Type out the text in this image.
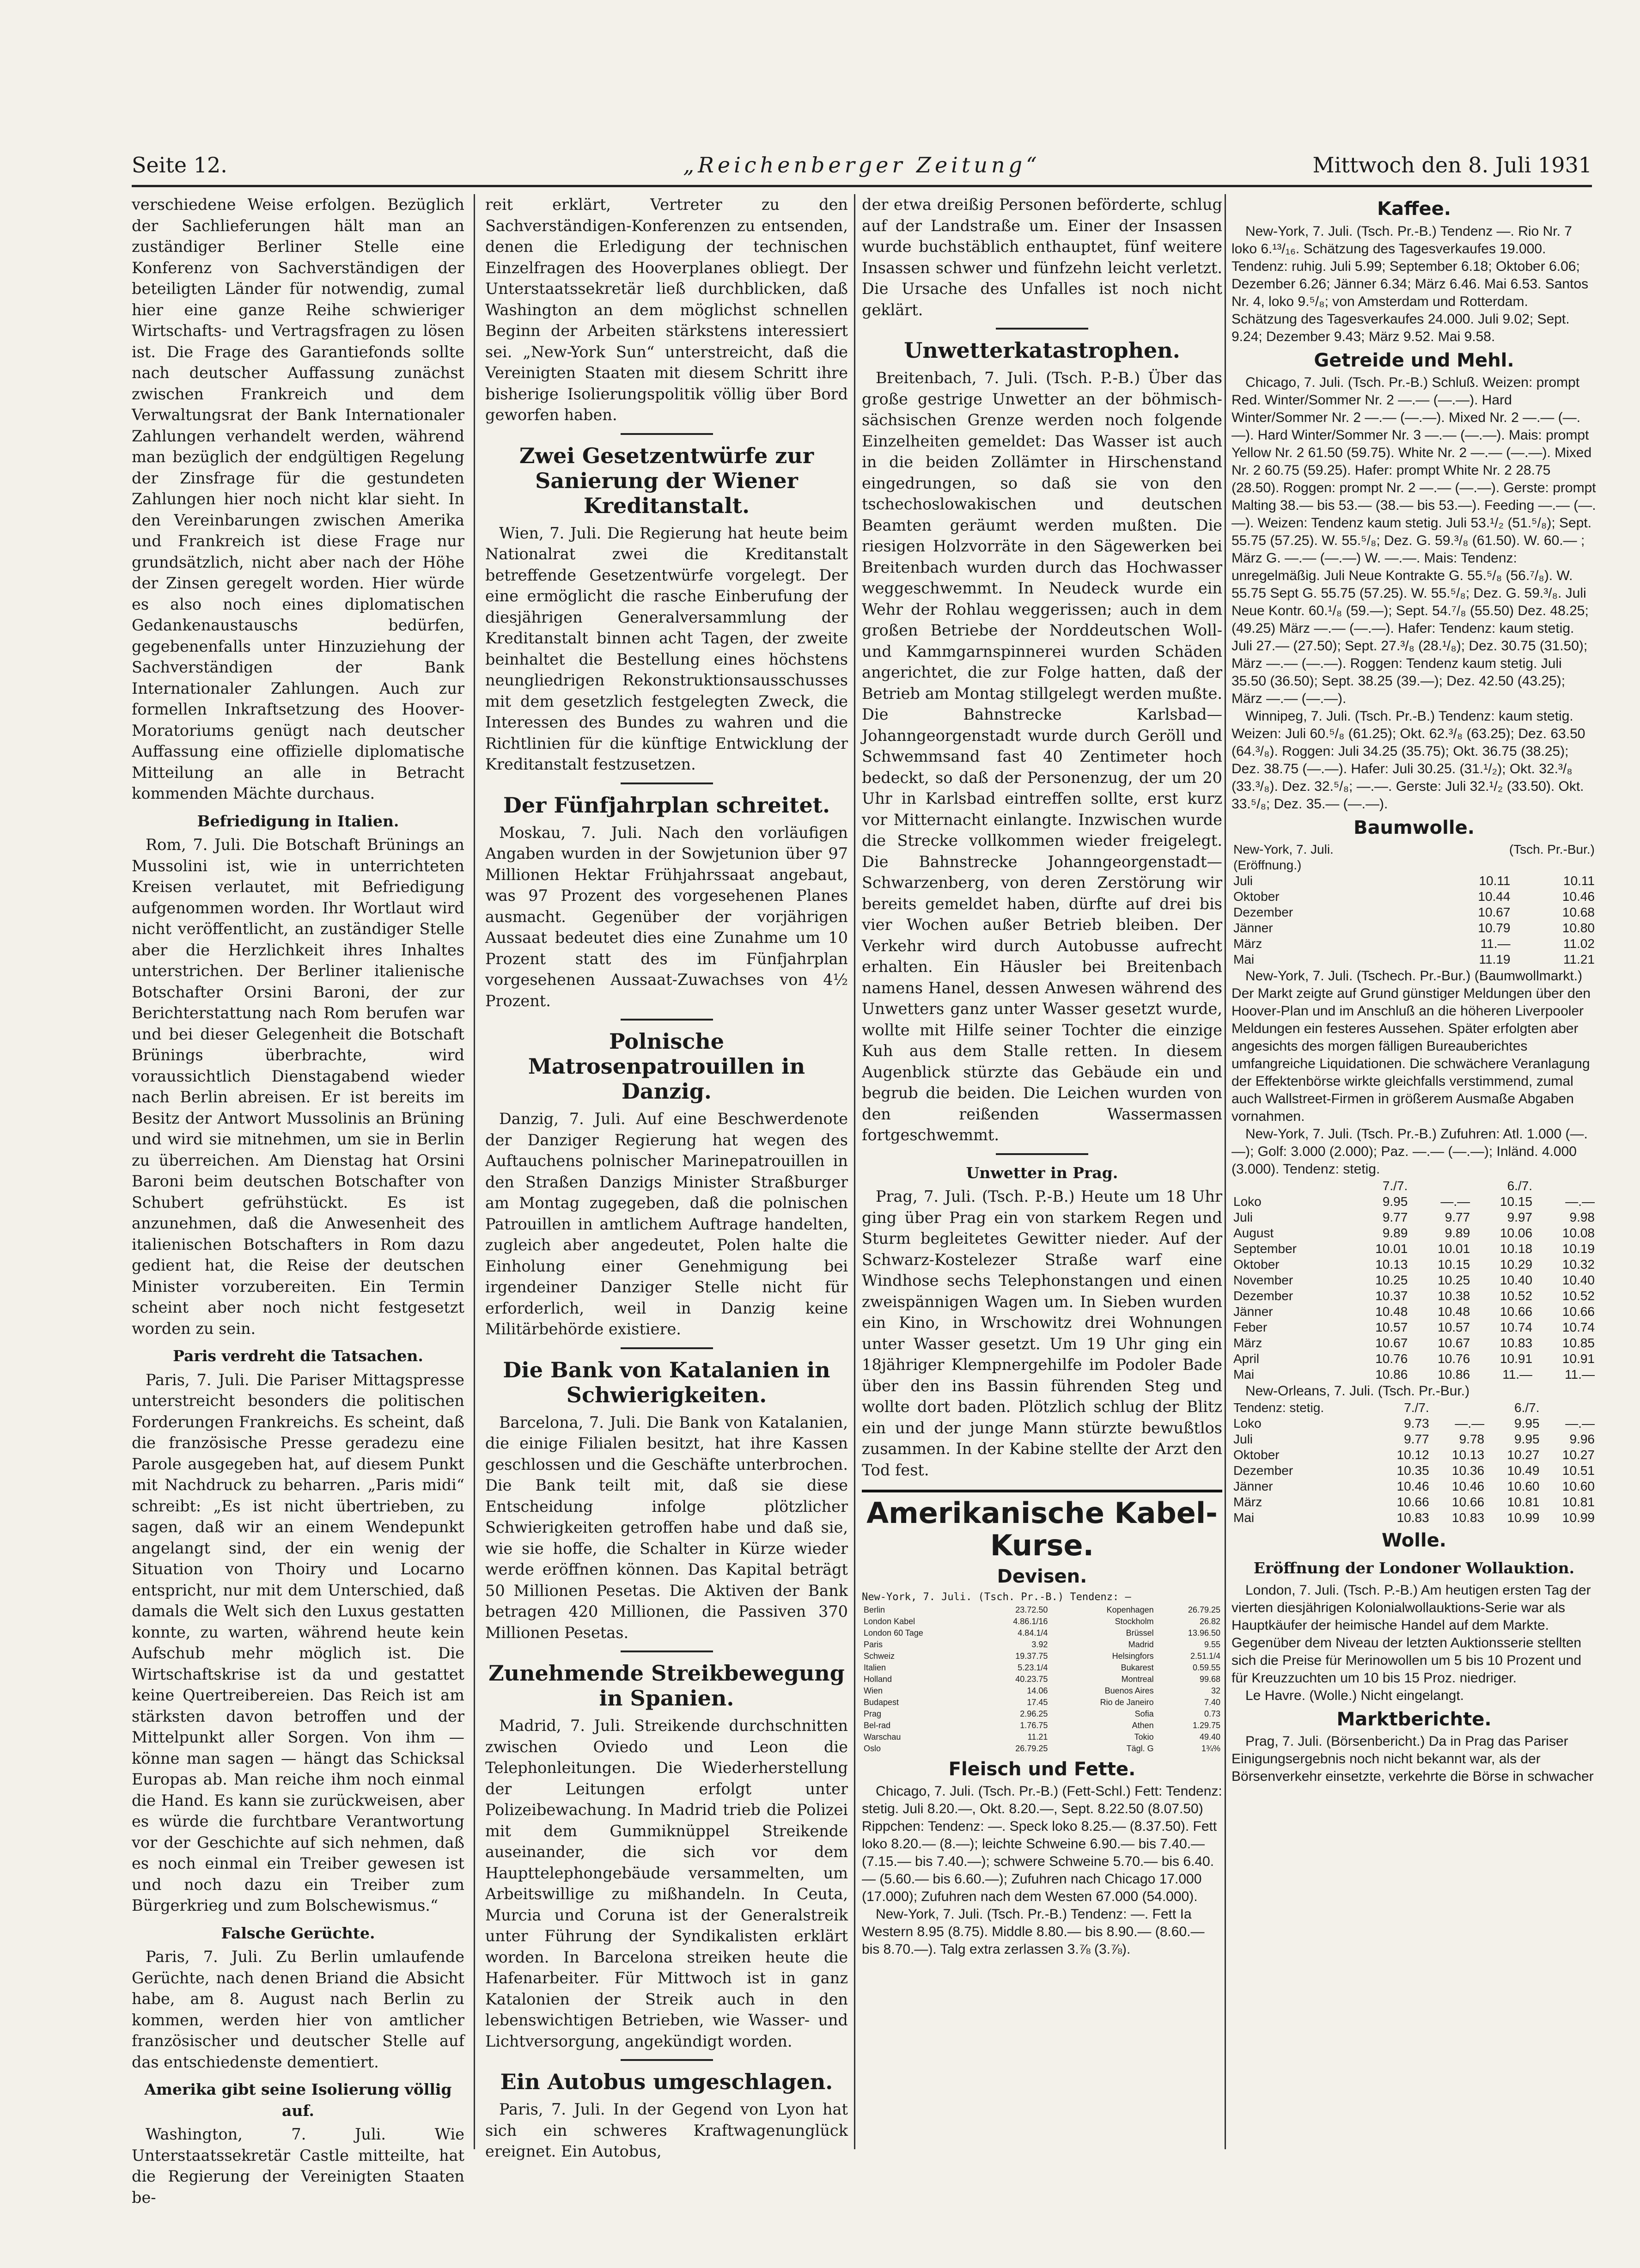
Seite 12.	„Reichenberger Zeitung“	Mittwoch den 8. Juli 1931

verschiedene Weise erfolgen. Bezüglich der Sachlieferungen hält man an zuständiger Berliner Stelle eine Konferenz von Sachverständigen der beteiligten Länder für notwendig, zumal hier eine ganze Reihe schwieriger Wirtschafts- und Vertragsfragen zu lösen ist. Die Frage des Garantiefonds sollte nach deutscher Auffassung zunächst zwischen Frankreich und dem Verwaltungsrat der Bank Internationaler Zahlungen verhandelt werden, während man bezüglich der endgültigen Regelung der Zinsfrage für die gestundeten Zahlungen hier noch nicht klar sieht. In den Vereinbarungen zwischen Amerika und Frankreich ist diese Frage nur grundsätzlich, nicht aber nach der Höhe der Zinsen geregelt worden. Hier würde es also noch eines diplomatischen Gedankenaustauschs bedürfen, gegebenenfalls unter Hinzuziehung der Sachverständigen der Bank Internationaler Zahlungen. Auch zur formellen Inkraftsetzung des Hoover-Moratoriums genügt nach deutscher Auffassung eine offizielle diplomatische Mitteilung an alle in Betracht kommenden Mächte durchaus.

Befriedigung in Italien.

Rom, 7. Juli. Die Botschaft Brünings an Mussolini ist, wie in unterrichteten Kreisen verlautet, mit Befriedigung aufgenommen worden. Ihr Wortlaut wird nicht veröffentlicht, an zuständiger Stelle aber die Herzlichkeit ihres Inhaltes unterstrichen. Der Berliner italienische Botschafter Orsini Baroni, der zur Berichterstattung nach Rom berufen war und bei dieser Gelegenheit die Botschaft Brünings überbrachte, wird voraussichtlich Dienstagabend wieder nach Berlin abreisen. Er ist bereits im Besitz der Antwort Mussolinis an Brüning und wird sie mitnehmen, um sie in Berlin zu überreichen. Am Dienstag hat Orsini Baroni beim deutschen Botschafter von Schubert gefrühstückt. Es ist anzunehmen, daß die Anwesenheit des italienischen Botschafters in Rom dazu gedient hat, die Reise der deutschen Minister vorzubereiten. Ein Termin scheint aber noch nicht festgesetzt worden zu sein.

Paris verdreht die Tatsachen.

Paris, 7. Juli. Die Pariser Mittagspresse unterstreicht besonders die politischen Forderungen Frankreichs. Es scheint, daß die französische Presse geradezu eine Parole ausgegeben hat, auf diesem Punkt mit Nachdruck zu beharren. „Paris midi“ schreibt: „Es ist nicht übertrieben, zu sagen, daß wir an einem Wendepunkt angelangt sind, der ein wenig der Situation von Thoiry und Locarno entspricht, nur mit dem Unterschied, daß damals die Welt sich den Luxus gestatten konnte, zu warten, während heute kein Aufschub mehr möglich ist. Die Wirtschaftskrise ist da und gestattet keine Quertreibereien. Das Reich ist am stärksten davon betroffen und der Mittelpunkt aller Sorgen. Von ihm — könne man sagen — hängt das Schicksal Europas ab. Man reiche ihm noch einmal die Hand. Es kann sie zurückweisen, aber es würde die furchtbare Verantwortung vor der Geschichte auf sich nehmen, daß es noch einmal ein Treiber gewesen ist und noch dazu ein Treiber zum Bürgerkrieg und zum Bolschewismus.“

Falsche Gerüchte.

Paris, 7. Juli. Zu Berlin umlaufende Gerüchte, nach denen Briand die Absicht habe, am 8. August nach Berlin zu kommen, werden hier von amtlicher französischer und deutscher Stelle auf das entschiedenste dementiert.

Amerika gibt seine Isolierung völlig auf.

Washington, 7. Juli. Wie Unterstaatssekretär Castle mitteilte, hat die Regierung der Vereinigten Staaten be-

reit erklärt, Vertreter zu den Sachverständigen-Konferenzen zu entsenden, denen die Erledigung der technischen Einzelfragen des Hooverplanes obliegt. Der Unterstaatssekretär ließ durchblicken, daß Washington an dem möglichst schnellen Beginn der Arbeiten stärkstens interessiert sei. „New-York Sun“ unterstreicht, daß die Vereinigten Staaten mit diesem Schritt ihre bisherige Isolierungspolitik völlig über Bord geworfen haben.

Zwei Gesetzentwürfe zur Sanierung der Wiener Kreditanstalt.

Wien, 7. Juli. Die Regierung hat heute beim Nationalrat zwei die Kreditanstalt betreffende Gesetzentwürfe vorgelegt. Der eine ermöglicht die rasche Einberufung der diesjährigen Generalversammlung der Kreditanstalt binnen acht Tagen, der zweite beinhaltet die Bestellung eines höchstens neungliedrigen Rekonstruktionsausschusses mit dem gesetzlich festgelegten Zweck, die Interessen des Bundes zu wahren und die Richtlinien für die künftige Entwicklung der Kreditanstalt festzusetzen.

Der Fünfjahrplan schreitet.

Moskau, 7. Juli. Nach den vorläufigen Angaben wurden in der Sowjetunion über 97 Millionen Hektar Frühjahrssaat angebaut, was 97 Prozent des vorgesehenen Planes ausmacht. Gegenüber der vorjährigen Aussaat bedeutet dies eine Zunahme um 10 Prozent statt des im Fünfjahrplan vorgesehenen Aussaat-Zuwachses von 4½ Prozent.

Polnische Matrosenpatrouillen in Danzig.

Danzig, 7. Juli. Auf eine Beschwerdenote der Danziger Regierung hat wegen des Auftauchens polnischer Marinepatrouillen in den Straßen Danzigs Minister Straßburger am Montag zugegeben, daß die polnischen Patrouillen in amtlichem Auftrage handelten, zugleich aber angedeutet, Polen halte die Einholung einer Genehmigung bei irgendeiner Danziger Stelle nicht für erforderlich, weil in Danzig keine Militärbehörde existiere.

Die Bank von Katalanien in Schwierigkeiten.

Barcelona, 7. Juli. Die Bank von Katalanien, die einige Filialen besitzt, hat ihre Kassen geschlossen und die Geschäfte unterbrochen. Die Bank teilt mit, daß sie diese Entscheidung infolge plötzlicher Schwierigkeiten getroffen habe und daß sie, wie sie hoffe, die Schalter in Kürze wieder werde eröffnen können. Das Kapital beträgt 50 Millionen Pesetas. Die Aktiven der Bank betragen 420 Millionen, die Passiven 370 Millionen Pesetas.

Zunehmende Streikbewegung in Spanien.

Madrid, 7. Juli. Streikende durchschnitten zwischen Oviedo und Leon die Telephonleitungen. Die Wiederherstellung der Leitungen erfolgt unter Polizeibewachung. In Madrid trieb die Polizei mit dem Gummiknüppel Streikende auseinander, die sich vor dem Haupttelephongebäude versammelten, um Arbeitswillige zu mißhandeln. In Ceuta, Murcia und Coruna ist der Generalstreik unter Führung der Syndikalisten erklärt worden. In Barcelona streiken heute die Hafenarbeiter. Für Mittwoch ist in ganz Katalonien der Streik auch in den lebenswichtigen Betrieben, wie Wasser- und Lichtversorgung, angekündigt worden.

Ein Autobus umgeschlagen.

Paris, 7. Juli. In der Gegend von Lyon hat sich ein schweres Kraftwagenunglück ereignet. Ein Autobus,

der etwa dreißig Personen beförderte, schlug auf der Landstraße um. Einer der Insassen wurde buchstäblich enthauptet, fünf weitere Insassen schwer und fünfzehn leicht verletzt. Die Ursache des Unfalles ist noch nicht geklärt.

Unwetterkatastrophen.

Breitenbach, 7. Juli. (Tsch. P.-B.) Über das große gestrige Unwetter an der böhmisch-sächsischen Grenze werden noch folgende Einzelheiten gemeldet: Das Wasser ist auch in die beiden Zollämter in Hirschenstand eingedrungen, so daß sie von den tschechoslowakischen und deutschen Beamten geräumt werden mußten. Die riesigen Holzvorräte in den Sägewerken bei Breitenbach wurden durch das Hochwasser weggeschwemmt. In Neudeck wurde ein Wehr der Rohlau weggerissen; auch in dem großen Betriebe der Norddeutschen Woll- und Kammgarnspinnerei wurden Schäden angerichtet, die zur Folge hatten, daß der Betrieb am Montag stillgelegt werden mußte. Die Bahnstrecke Karlsbad—Johanngeorgenstadt wurde durch Geröll und Schwemmsand fast 40 Zentimeter hoch bedeckt, so daß der Personenzug, der um 20 Uhr in Karlsbad eintreffen sollte, erst kurz vor Mitternacht einlangte. Inzwischen wurde die Strecke vollkommen wieder freigelegt. Die Bahnstrecke Johanngeorgenstadt—Schwarzenberg, von deren Zerstörung wir bereits gemeldet haben, dürfte auf drei bis vier Wochen außer Betrieb bleiben. Der Verkehr wird durch Autobusse aufrecht erhalten. Ein Häusler bei Breitenbach namens Hanel, dessen Anwesen während des Unwetters ganz unter Wasser gesetzt wurde, wollte mit Hilfe seiner Tochter die einzige Kuh aus dem Stalle retten. In diesem Augenblick stürzte das Gebäude ein und begrub die beiden. Die Leichen wurden von den reißenden Wassermassen fortgeschwemmt.

Unwetter in Prag.

Prag, 7. Juli. (Tsch. P.-B.) Heute um 18 Uhr ging über Prag ein von starkem Regen und Sturm begleitetes Gewitter nieder. Auf der Schwarz-Kostelezer Straße warf eine Windhose sechs Telephonstangen und einen zweispännigen Wagen um. In Sieben wurden ein Kino, in Wrschowitz drei Wohnungen unter Wasser gesetzt. Um 19 Uhr ging ein 18jähriger Klempnergehilfe im Podoler Bade über den ins Bassin führenden Steg und wollte dort baden. Plötzlich schlug der Blitz ein und der junge Mann stürzte bewußtlos zusammen. In der Kabine stellte der Arzt den Tod fest.

Amerikanische Kabel-Kurse.
Devisen.
New-York, 7. Juli. (Tsch. Pr.-B.) Tendenz: —
Berlin	23.72.50	Kopenhagen	26.79.25
London Kabel	4.86.1/16	Stockholm	26.82
London 60 Tage	4.84.1/4	Brüssel	13.96.50
Paris	3.92	Madrid	9.55
Schweiz	19.37.75	Helsingfors	2.51.1/4
Italien	5.23.1/4	Bukarest	0.59.55
Holland	40.23.75	Montreal	99.68
Wien	14.06	Buenos Aires	32
Budapest	17.45	Rio de Janeiro	7.40
Prag	2.96.25	Sofia	0.73
Bel-rad	1.76.75	Athen	1.29.75
Warschau	11.21	Tokio	49.40
Oslo	26.79.25	Tägl. G	1¾%
Fleisch und Fette.

Chicago, 7. Juli. (Tsch. Pr.-B.) (Fett-Schl.) Fett: Tendenz: stetig. Juli 8.20.—, Okt. 8.20.—, Sept. 8.22.50 (8.07.50) Rippchen: Tendenz: —. Speck loko 8.25.— (8.37.50). Fett loko 8.20.— (8.—); leichte Schweine 6.90.— bis 7.40.— (7.15.— bis 7.40.—); schwere Schweine 5.70.— bis 6.40.— (5.60.— bis 6.60.—); Zufuhren nach Chicago 17.000 (17.000); Zufuhren nach dem Westen 67.000 (54.000).

New-York, 7. Juli. (Tsch. Pr.-B.) Tendenz: —. Fett Ia Western 8.95 (8.75). Middle 8.80.— bis 8.90.— (8.60.— bis 8.70.—). Talg extra zerlassen 3.⅞ (3.⅞).

Kaffee.

New-York, 7. Juli. (Tsch. Pr.-B.) Tendenz —. Rio Nr. 7 loko 6.¹³/₁₆. Schätzung des Tagesverkaufes 19.000. Tendenz: ruhig. Juli 5.99; September 6.18; Oktober 6.06; Dezember 6.26; Jänner 6.34; März 6.46. Mai 6.53. Santos Nr. 4, loko 9.⁵/₈; von Amsterdam und Rotterdam. Schätzung des Tagesverkaufes 24.000. Juli 9.02; Sept. 9.24; Dezember 9.43; März 9.52. Mai 9.58.

Getreide und Mehl.

Chicago, 7. Juli. (Tsch. Pr.-B.) Schluß. Weizen: prompt Red. Winter/Sommer Nr. 2 —.— (—.—). Hard Winter/Sommer Nr. 2 —.— (—.—). Mixed Nr. 2 —.— (—.—). Hard Winter/Sommer Nr. 3 —.— (—.—). Mais: prompt Yellow Nr. 2 61.50 (59.75). White Nr. 2 —.— (—.—). Mixed Nr. 2 60.75 (59.25). Hafer: prompt White Nr. 2 28.75 (28.50). Roggen: prompt Nr. 2 —.— (—.—). Gerste: prompt Malting 38.— bis 53.— (38.— bis 53.—). Feeding —.— (—.—). Weizen: Tendenz kaum stetig. Juli 53.¹/₂ (51.⁵/₈); Sept. 55.75 (57.25). W. 55.⁵/₈; Dez. G. 59.³/₈ (61.50). W. 60.— ; März G. —.— (—.—) W. —.—. Mais: Tendenz: unregelmäßig. Juli Neue Kontrakte G. 55.⁵/₈ (56.⁷/₈). W. 55.75 Sept G. 55.75 (57.25). W. 55.⁵/₈; Dez. G. 59.³/₈. Juli Neue Kontr. 60.¹/₈ (59.—); Sept. 54.⁷/₈ (55.50) Dez. 48.25; (49.25) März —.— (—.—). Hafer: Tendenz: kaum stetig. Juli 27.— (27.50); Sept. 27.³/₈ (28.¹/₈); Dez. 30.75 (31.50); März —.— (—.—). Roggen: Tendenz kaum stetig. Juli 35.50 (36.50); Sept. 38.25 (39.—); Dez. 42.50 (43.25); März —.— (—.—).

Winnipeg, 7. Juli. (Tsch. Pr.-B.) Tendenz: kaum stetig. Weizen: Juli 60.⁵/₈ (61.25); Okt. 62.³/₈ (63.25); Dez. 63.50 (64.³/₈). Roggen: Juli 34.25 (35.75); Okt. 36.75 (38.25); Dez. 38.75 (—.—). Hafer: Juli 30.25. (31.¹/₂); Okt. 32.³/₈ (33.³/₈). Dez. 32.⁵/₈; —.—. Gerste: Juli 32.¹/₂ (33.50). Okt. 33.⁵/₈; Dez. 35.— (—.—).

Baumwolle.
New-York, 7. Juli.	(Tsch. Pr.-Bur.)	
(Eröffnung.)		
Juli	10.11	10.11
Oktober	10.44	10.46
Dezember	10.67	10.68
Jänner	10.79	10.80
März	11.—	11.02
Mai	11.19	11.21

New-York, 7. Juli. (Tschech. Pr.-Bur.) (Baumwollmarkt.) Der Markt zeigte auf Grund günstiger Meldungen über den Hoover-Plan und im Anschluß an die höheren Liverpooler Meldungen ein festeres Aussehen. Später erfolgten aber angesichts des morgen fälligen Bureauberichtes umfangreiche Liquidationen. Die schwächere Veranlagung der Effektenbörse wirkte gleichfalls verstimmend, zumal auch Wallstreet-Firmen in größerem Ausmaße Abgaben vornahmen.

New-York, 7. Juli. (Tsch. Pr.-B.) Zufuhren: Atl. 1.000 (—.—); Golf: 3.000 (2.000); Paz. —.— (—.—); Inländ. 4.000 (3.000). Tendenz: stetig.

	7./7.		6./7.	
Loko	9.95	—.—	10.15	—.—
Juli	9.77	9.77	9.97	9.98
August	9.89	9.89	10.06	10.08
September	10.01	10.01	10.18	10.19
Oktober	10.13	10.15	10.29	10.32
November	10.25	10.25	10.40	10.40
Dezember	10.37	10.38	10.52	10.52
Jänner	10.48	10.48	10.66	10.66
Feber	10.57	10.57	10.74	10.74
März	10.67	10.67	10.83	10.85
April	10.76	10.76	10.91	10.91
Mai	10.86	10.86	11.—	11.—

New-Orleans, 7. Juli. (Tsch. Pr.-Bur.)

Tendenz: stetig.	7./7.		6./7.	
Loko	9.73	—.—	9.95	—.—
Juli	9.77	9.78	9.95	9.96
Oktober	10.12	10.13	10.27	10.27
Dezember	10.35	10.36	10.49	10.51
Jänner	10.46	10.46	10.60	10.60
März	10.66	10.66	10.81	10.81
Mai	10.83	10.83	10.99	10.99
Wolle.
Eröffnung der Londoner Wollauktion.

London, 7. Juli. (Tsch. P.-B.) Am heutigen ersten Tag der vierten diesjährigen Kolonialwollauktions-Serie war als Hauptkäufer der heimische Handel auf dem Markte. Gegenüber dem Niveau der letzten Auktionsserie stellten sich die Preise für Merinowollen um 5 bis 10 Prozent und für Kreuzzuchten um 10 bis 15 Proz. niedriger.

Le Havre. (Wolle.) Nicht eingelangt.

Marktberichte.

Prag, 7. Juli. (Börsenbericht.) Da in Prag das Pariser Einigungsergebnis noch nicht bekannt war, als der Börsenverkehr einsetzte, verkehrte die Börse in schwacher
